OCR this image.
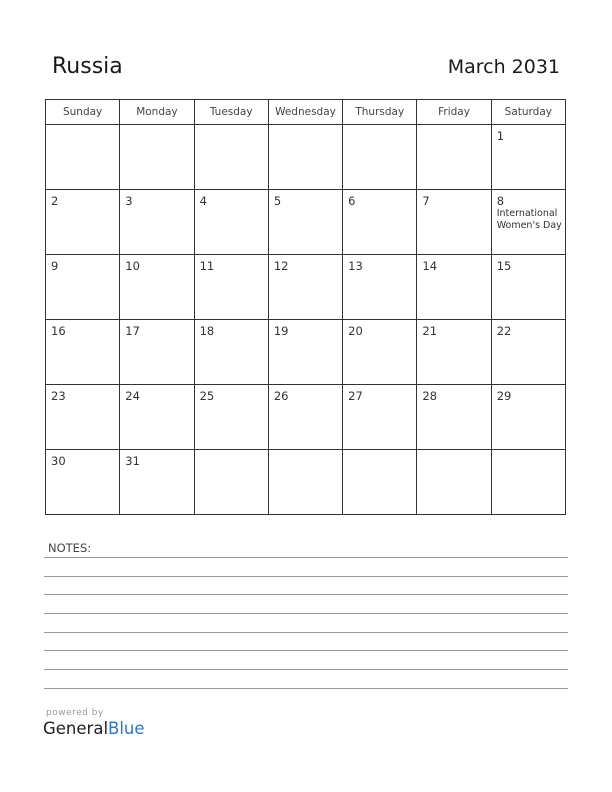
Russia	March 2031
Sunday	Monday	Tuesday	Wednesday	Thursday	Friday	Saturday

						1

2	3	4	5	6	7	8
International Women's Day

9	10	11	12	13	14	15

16	17	18	19	20	21	22

23	24	25	26	27	28	29

30	31					

NOTES:
powered by
GeneralBlue
